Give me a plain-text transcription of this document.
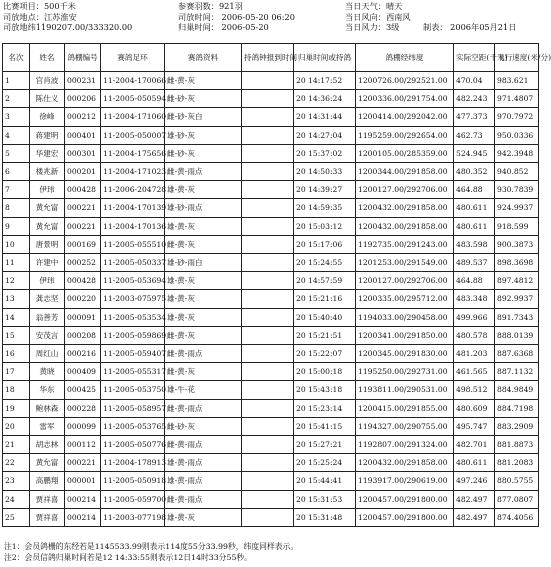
比赛项目：500千米
司放地点：江苏淮安
司放地纬1190207.00/333320.00
参赛羽数：921羽
司放时间： 2006-05-20 06:20
归巢时间： 2006-05-20
当日天气：晴天
当日风向：西南风
当日风力：3级	制表： 2006年05月21日
名次	姓名	鸽棚编号	赛鸽足环	赛鸽资料	持鸽钟报到时间	归巢时间或持鸽	鸽棚经纬度	实际空距(千米)	飞行速度(米/分)
1	官肖波	000231	11-2004-170066	雌-黄-灰		20 14:17:52	1200726.00/292521.00	470.04	983.621
2	陈仕义	000206	11-2005-050594	雌-砂-灰		20 14:36:24	1200336.00/291754.00	482.243	971.4807
3	徐峰	000212	11-2004-171060	雌-砂-灰白		20 14:31:44	1200414.00/292042.00	477.373	970.7972
4	蒋建明	000401	11-2005-050007	雄-砂-灰		20 14:27:04	1195259.00/292654.00	462.73	950.0336
5	华建宏	000301	11-2004-175656	雌-砂-灰		20 15:37:02	1200105.00/285359.00	524.945	942.3948
6	楼兆新	000201	11-2004-171023	雌-黄-雨点		20 14:50:33	1200344.00/291858.00	480.352	940.852
7	伊玮	000428	11-2006-204728	雄-黄-灰		20 14:39:27	1200127.00/292706.00	464.88	930.7839
8	黄允富	000221	11-2004-170139	雄-砂-雨点		20 14:59:35	1200432.00/291858.00	480.611	924.9937
9	黄允富	000221	11-2004-170136	雄-黄-灰		20 15:03:12	1200432.00/291858.00	480.611	918.599
10	唐景明	000169	11-2005-055510	雌-黄-灰		20 15:17:06	1192735.00/291243.00	483.598	900.3873
11	许建中	000252	11-2005-050337	雄-砂-雨白		20 15:24:55	1201253.00/291549.00	489.537	898.3698
12	伊玮	000428	11-2005-053694	雄-黄-灰		20 14:57:59	1200127.00/292706.00	464.88	897.4812
13	龚志坚	000220	11-2003-075975	雄-黄-灰		20 15:21:16	1200335.00/295712.00	483.348	892.9937
14	翁善芳	000091	11-2005-053534	雄-黄-灰		20 15:40:40	1194033.00/290458.00	499.966	891.7343
15	安茂言	000208	11-2005-059869	雌-黄-灰		20 15:21:51	1200341.00/291850.00	480.578	888.0139
16	周红山	000216	11-2005-059407	雌-黄-雨点		20 15:22:07	1200345.00/291830.00	481.203	887.6368
17	黄晓	000409	11-2005-055317	雌-黄-灰		20 15:00:18	1195250.00/292731.00	461.565	887.1132
18	华东	000425	11-2005-053750	雄-牛-花		20 15:43:18	1193811.00/290531.00	498.512	884.9849
19	鲍林森	000228	11-2005-058957	雌-黄-雨点		20 15:23:14	1200415.00/291855.00	480.609	884.7198
20	雷军	000099	11-2005-053765	雌-砂-灰		20 15:41:15	1194327.00/290755.00	495.747	883.2909
21	胡志林	000112	11-2005-050776	雌-黄-雨点		20 15:27:21	1192807.00/291324.00	482.701	881.8873
22	黄允富	000221	11-2004-178913	雄-黄-雨点		20 15:25:24	1200432.00/291858.00	480.611	881.2083
23	高鹏翔	000001	11-2005-050918	雄-黄-雨点		20 15:44:41	1193917.00/290619.00	497.246	880.5755
24	贾祥喜	000214	11-2005-059700	雌-黄-雨点		20 15:31:53	1200457.00/291800.00	482.497	877.0807
25	贾祥喜	000214	11-2003-077198	雄-黄-灰		20 15:31:48	1200457.00/291800.00	482.497	874.4056
注1：会员鸽栅的东经若是1145533.99则表示114度55分33.99秒，纬度同样表示。
注2：会员信鸽归巢时间若是12 14:33:55则表示12日14时33分55秒。
